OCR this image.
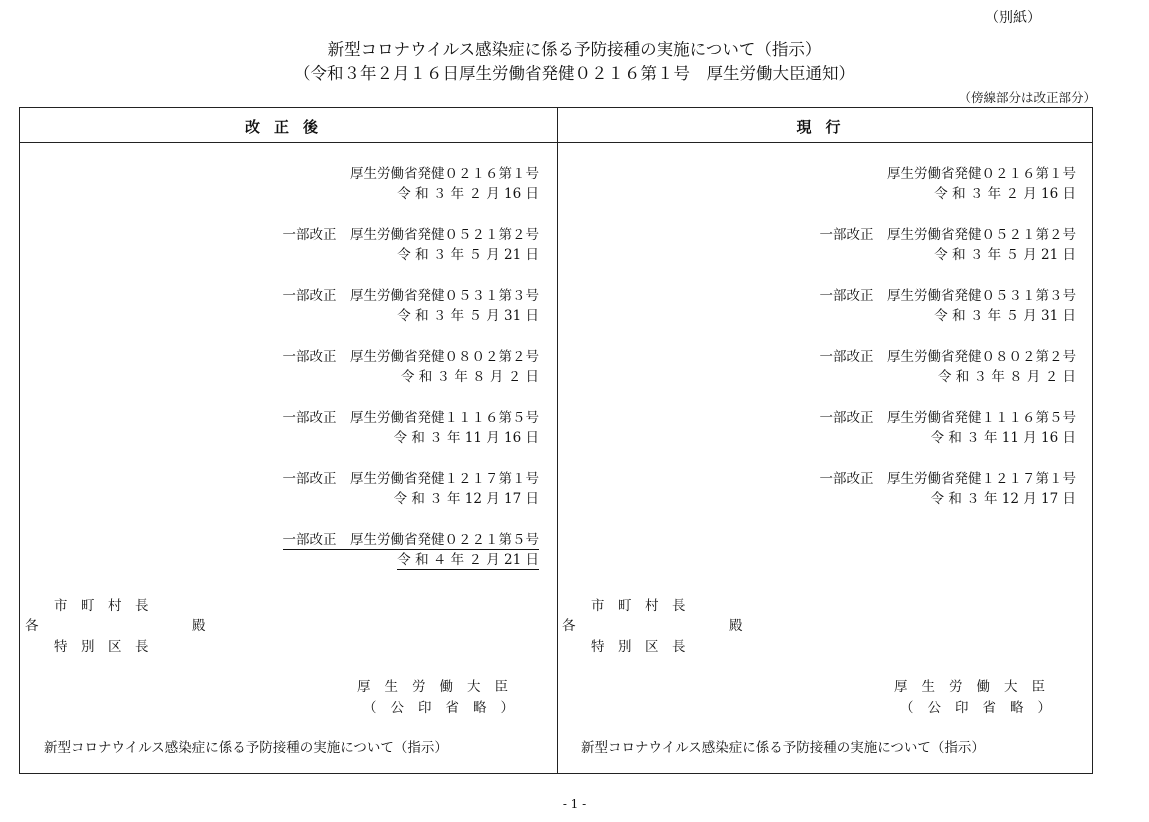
（別紙）
新型コロナウイルス感染症に係る予防接種の実施について（指示）
（令和３年２月１６日厚生労働省発健０２１６第１号　厚生労働大臣通知）
（傍線部分は改正部分）
改正後	現行
厚生労働省発健０２１６第１号
令 和 ３ 年 ２ 月 16 日
一部改正　厚生労働省発健０５２１第２号
令 和 ３ 年 ５ 月 21 日
一部改正　厚生労働省発健０５３１第３号
令 和 ３ 年 ５ 月 31 日
一部改正　厚生労働省発健０８０２第２号
令 和 ３ 年 ８ 月 ２ 日
一部改正　厚生労働省発健１１１６第５号
令 和 ３ 年 11 月 16 日
一部改正　厚生労働省発健１２１７第１号
令 和 ３ 年 12 月 17 日
一部改正　厚生労働省発健０２２１第５号
令 和 ４ 年 ２ 月 21 日
市　町　村　長
各	殿
特　別　区　長
厚生労働大臣
（公印省略）
新型コロナウイルス感染症に係る予防接種の実施について（指示）
厚生労働省発健０２１６第１号
令 和 ３ 年 ２ 月 16 日
一部改正　厚生労働省発健０５２１第２号
令 和 ３ 年 ５ 月 21 日
一部改正　厚生労働省発健０５３１第３号
令 和 ３ 年 ５ 月 31 日
一部改正　厚生労働省発健０８０２第２号
令 和 ３ 年 ８ 月 ２ 日
一部改正　厚生労働省発健１１１６第５号
令 和 ３ 年 11 月 16 日
一部改正　厚生労働省発健１２１７第１号
令 和 ３ 年 12 月 17 日
市　町　村　長
各	殿
特　別　区　長
厚生労働大臣
（公印省略）
新型コロナウイルス感染症に係る予防接種の実施について（指示）
- 1 -
